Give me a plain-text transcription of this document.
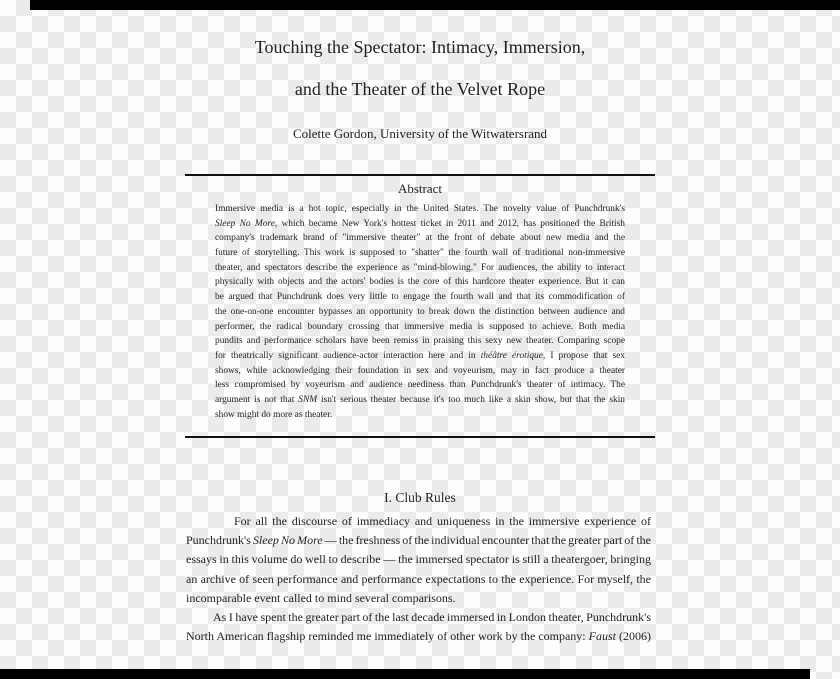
Touching the Spectator: Intimacy, Immersion,
and the Theater of the Velvet Rope
Colette Gordon, University of the Witwatersrand
Abstract
Immersive media is a hot topic, especially in the United States. The novelty value of Punchdrunk's
Sleep No More, which became New York's hottest ticket in 2011 and 2012, has positioned the British
company's trademark brand of "immersive theater" at the front of debate about new media and the
future of storytelling. This work is supposed to "shatter" the fourth wall of traditional non-immersive
theater, and spectators describe the experience as "mind-blowing." For audiences, the ability to interact
physically with objects and the actors' bodies is the core of this hardcore theater experience. But it can
be argued that Punchdrunk does very little to engage the fourth wall and that its commodification of
the one-on-one encounter bypasses an opportunity to break down the distinction between audience and
performer, the radical boundary crossing that immersive media is supposed to achieve. Both media
pundits and performance scholars have been remiss in praising this sexy new theater. Comparing scope
for theatrically significant audience-actor interaction here and in théâtre érotique, I propose that sex
shows, while acknowledging their foundation in sex and voyeurism, may in fact produce a theater
less compromised by voyeurism and audience neediness than Punchdrunk's theater of intimacy. The
argument is not that SNM isn't serious theater because it's too much like a skin show, but that the skin
show might do more as theater.
I. Club Rules
For all the discourse of immediacy and uniqueness in the immersive experience of
Punchdrunk's Sleep No More — the freshness of the individual encounter that the greater part of the
essays in this volume do well to describe — the immersed spectator is still a theatergoer, bringing
an archive of seen performance and performance expectations to the experience. For myself, the
incomparable event called to mind several comparisons.
As I have spent the greater part of the last decade immersed in London theater, Punchdrunk's
North American flagship reminded me immediately of other work by the company: Faust (2006)
